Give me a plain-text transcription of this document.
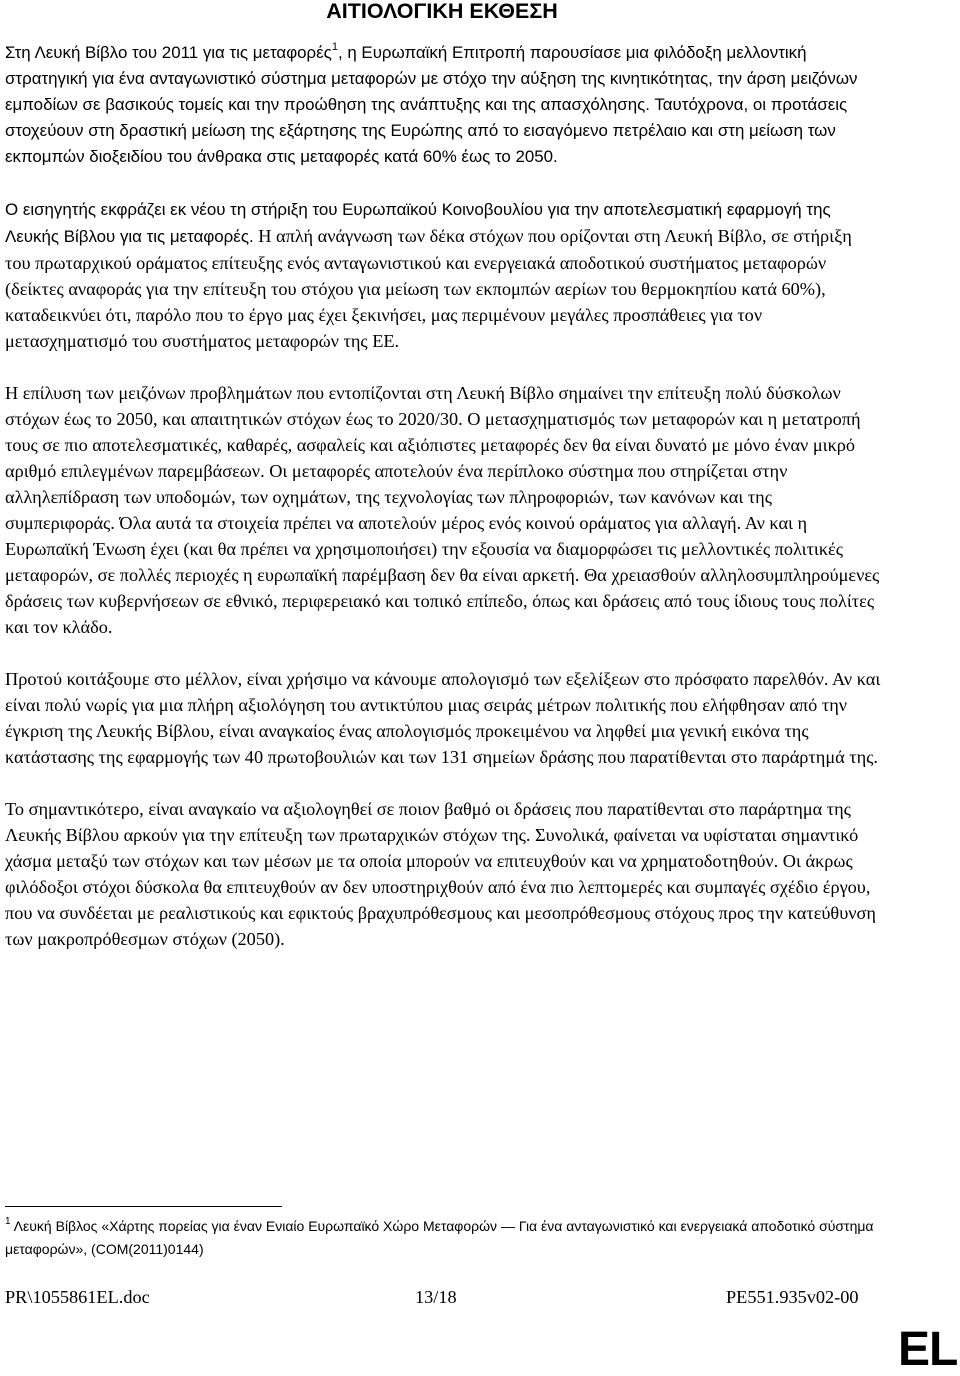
ΑΙΤΙΟΛΟΓΙΚΗ ΕΚΘΕΣΗ

Στη Λευκή Βίβλο του 2011 για τις μεταφορές$^1$, η Ευρωπαϊκή Επιτροπή παρουσίασε μια φιλόδοξη μελλοντική στρατηγική για ένα ανταγωνιστικό σύστημα μεταφορών με στόχο την αύξηση της κινητικότητας, την άρση μειζόνων εμποδίων σε βασικούς τομείς και την προώθηση της ανάπτυξης και της απασχόλησης. Ταυτόχρονα, οι προτάσεις στοχεύουν στη δραστική μείωση της εξάρτησης της Ευρώπης από το εισαγόμενο πετρέλαιο και στη μείωση των εκπομπών διοξειδίου του άνθρακα στις μεταφορές κατά 60% έως το 2050.

Ο εισηγητής εκφράζει εκ νέου τη στήριξη του Ευρωπαϊκού Κοινοβουλίου για την αποτελεσματική εφαρμογή της Λευκής Βίβλου για τις μεταφορές. Η απλή ανάγνωση των δέκα στόχων που ορίζονται στη Λευκή Βίβλο, σε στήριξη του πρωταρχικού οράματος επίτευξης ενός ανταγωνιστικού και ενεργειακά αποδοτικού συστήματος μεταφορών (δείκτες αναφοράς για την επίτευξη του στόχου για μείωση των εκπομπών αερίων του θερμοκηπίου κατά 60%), καταδεικνύει ότι, παρόλο που το έργο μας έχει ξεκινήσει, μας περιμένουν μεγάλες προσπάθειες για τον μετασχηματισμό του συστήματος μεταφορών της ΕΕ.

Η επίλυση των μειζόνων προβλημάτων που εντοπίζονται στη Λευκή Βίβλο σημαίνει την επίτευξη πολύ δύσκολων στόχων έως το 2050, και απαιτητικών στόχων έως το 2020/30. Ο μετασχηματισμός των μεταφορών και η μετατροπή τους σε πιο αποτελεσματικές, καθαρές, ασφαλείς και αξιόπιστες μεταφορές δεν θα είναι δυνατό με μόνο έναν μικρό αριθμό επιλεγμένων παρεμβάσεων. Οι μεταφορές αποτελούν ένα περίπλοκο σύστημα που στηρίζεται στην αλληλεπίδραση των υποδομών, των οχημάτων, της τεχνολογίας των πληροφοριών, των κανόνων και της συμπεριφοράς. Όλα αυτά τα στοιχεία πρέπει να αποτελούν μέρος ενός κοινού οράματος για αλλαγή. Αν και η Ευρωπαϊκή Ένωση έχει (και θα πρέπει να χρησιμοποιήσει) την εξουσία να διαμορφώσει τις μελλοντικές πολιτικές μεταφορών, σε πολλές περιοχές η ευρωπαϊκή παρέμβαση δεν θα είναι αρκετή. Θα χρειασθούν αλληλοσυμπληρούμενες δράσεις των κυβερνήσεων σε εθνικό, περιφερειακό και τοπικό επίπεδο, όπως και δράσεις από τους ίδιους τους πολίτες και τον κλάδο.

Προτού κοιτάξουμε στο μέλλον, είναι χρήσιμο να κάνουμε απολογισμό των εξελίξεων στο πρόσφατο παρελθόν. Αν και είναι πολύ νωρίς για μια πλήρη αξιολόγηση του αντικτύπου μιας σειράς μέτρων πολιτικής που ελήφθησαν από την έγκριση της Λευκής Βίβλου, είναι αναγκαίος ένας απολογισμός προκειμένου να ληφθεί μια γενική εικόνα της κατάστασης της εφαρμογής των 40 πρωτοβουλιών και των 131 σημείων δράσης που παρατίθενται στο παράρτημά της.

Το σημαντικότερο, είναι αναγκαίο να αξιολογηθεί σε ποιον βαθμό οι δράσεις που παρατίθενται στο παράρτημα της Λευκής Βίβλου αρκούν για την επίτευξη των πρωταρχικών στόχων της. Συνολικά, φαίνεται να υφίσταται σημαντικό χάσμα μεταξύ των στόχων και των μέσων με τα οποία μπορούν να επιτευχθούν και να χρηματοδοτηθούν. Οι άκρως φιλόδοξοι στόχοι δύσκολα θα επιτευχθούν αν δεν υποστηριχθούν από ένα πιο λεπτομερές και συμπαγές σχέδιο έργου, που να συνδέεται με ρεαλιστικούς και εφικτούς βραχυπρόθεσμους και μεσοπρόθεσμους στόχους προς την κατεύθυνση των μακροπρόθεσμων στόχων (2050).

$^1$ Λευκή Βίβλος «Χάρτης πορείας για έναν Ενιαίο Ευρωπαϊκό Χώρο Μεταφορών — Για ένα ανταγωνιστικό και ενεργειακά αποδοτικό σύστημα μεταφορών», (COM(2011)0144)

PR\1055861EL.doc	13/18	PE551.935v02-00
EL
